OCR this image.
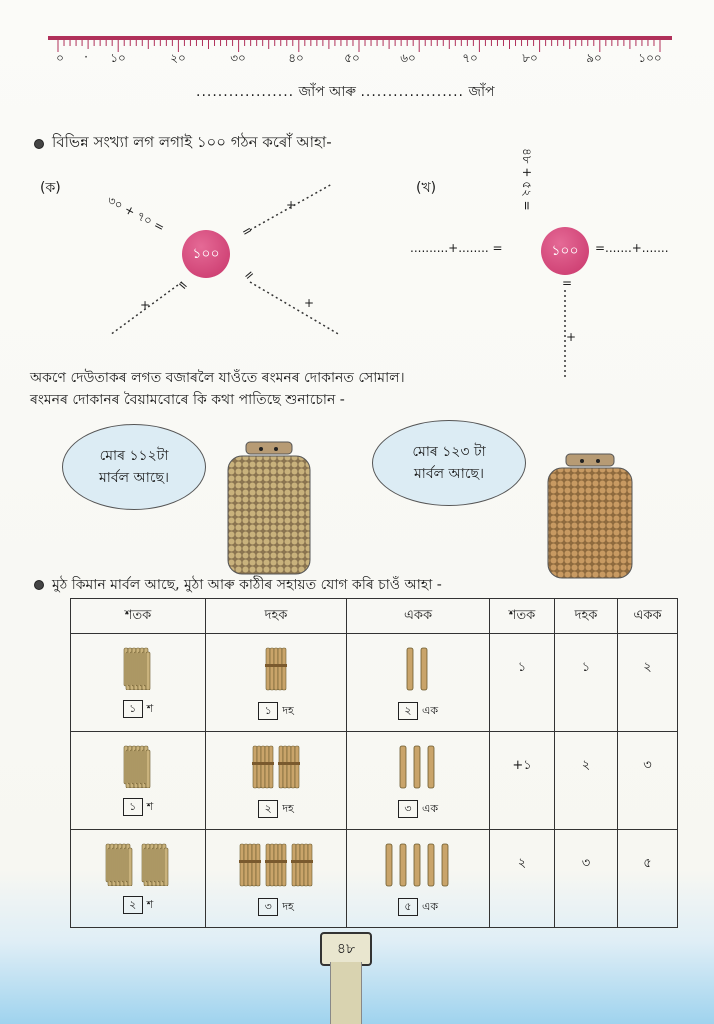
০ · ১০	২০	৩০	৪০	৫০	৬০	৭০	৮০	৯০	১০০
.................. জাঁপ আৰু ................... জাঁপ
বিভিন্ন সংখ্যা লগ লগাই ১০০ গঠন কৰোঁ আহা-
(ক)
৩০ + ৭০ =
১০০
=
=
=
+
+	+
(খ)	৪৮ + ৫২ =
১০০
..........+........ =	=.......+.......
=
+
অকণে দেউতাকৰ লগত বজাৰলৈ যাওঁতে ৰংমনৰ দোকানত সোমাল।
ৰংমনৰ দোকানৰ বৈয়ামবোৰে কি কথা পাতিছে শুনাচোন -
মোৰ ১১২টা
মাৰ্বল আছে।
মোৰ ১২৩ টা
মাৰ্বল আছে।
মুঠ কিমান মাৰ্বল আছে, মুঠা আৰু কাঠীৰ সহায়ত যোগ কৰি চাওঁ আহা -
শতক	দহক	একক	শতক	দহক	একক

১ শ	১ দহ	২ এক	১	১	২

১ শ	২ দহ	৩ এক	+১	২	৩

২ শ	৩ দহ	৫ এক	২	৩	৫
৪৮
